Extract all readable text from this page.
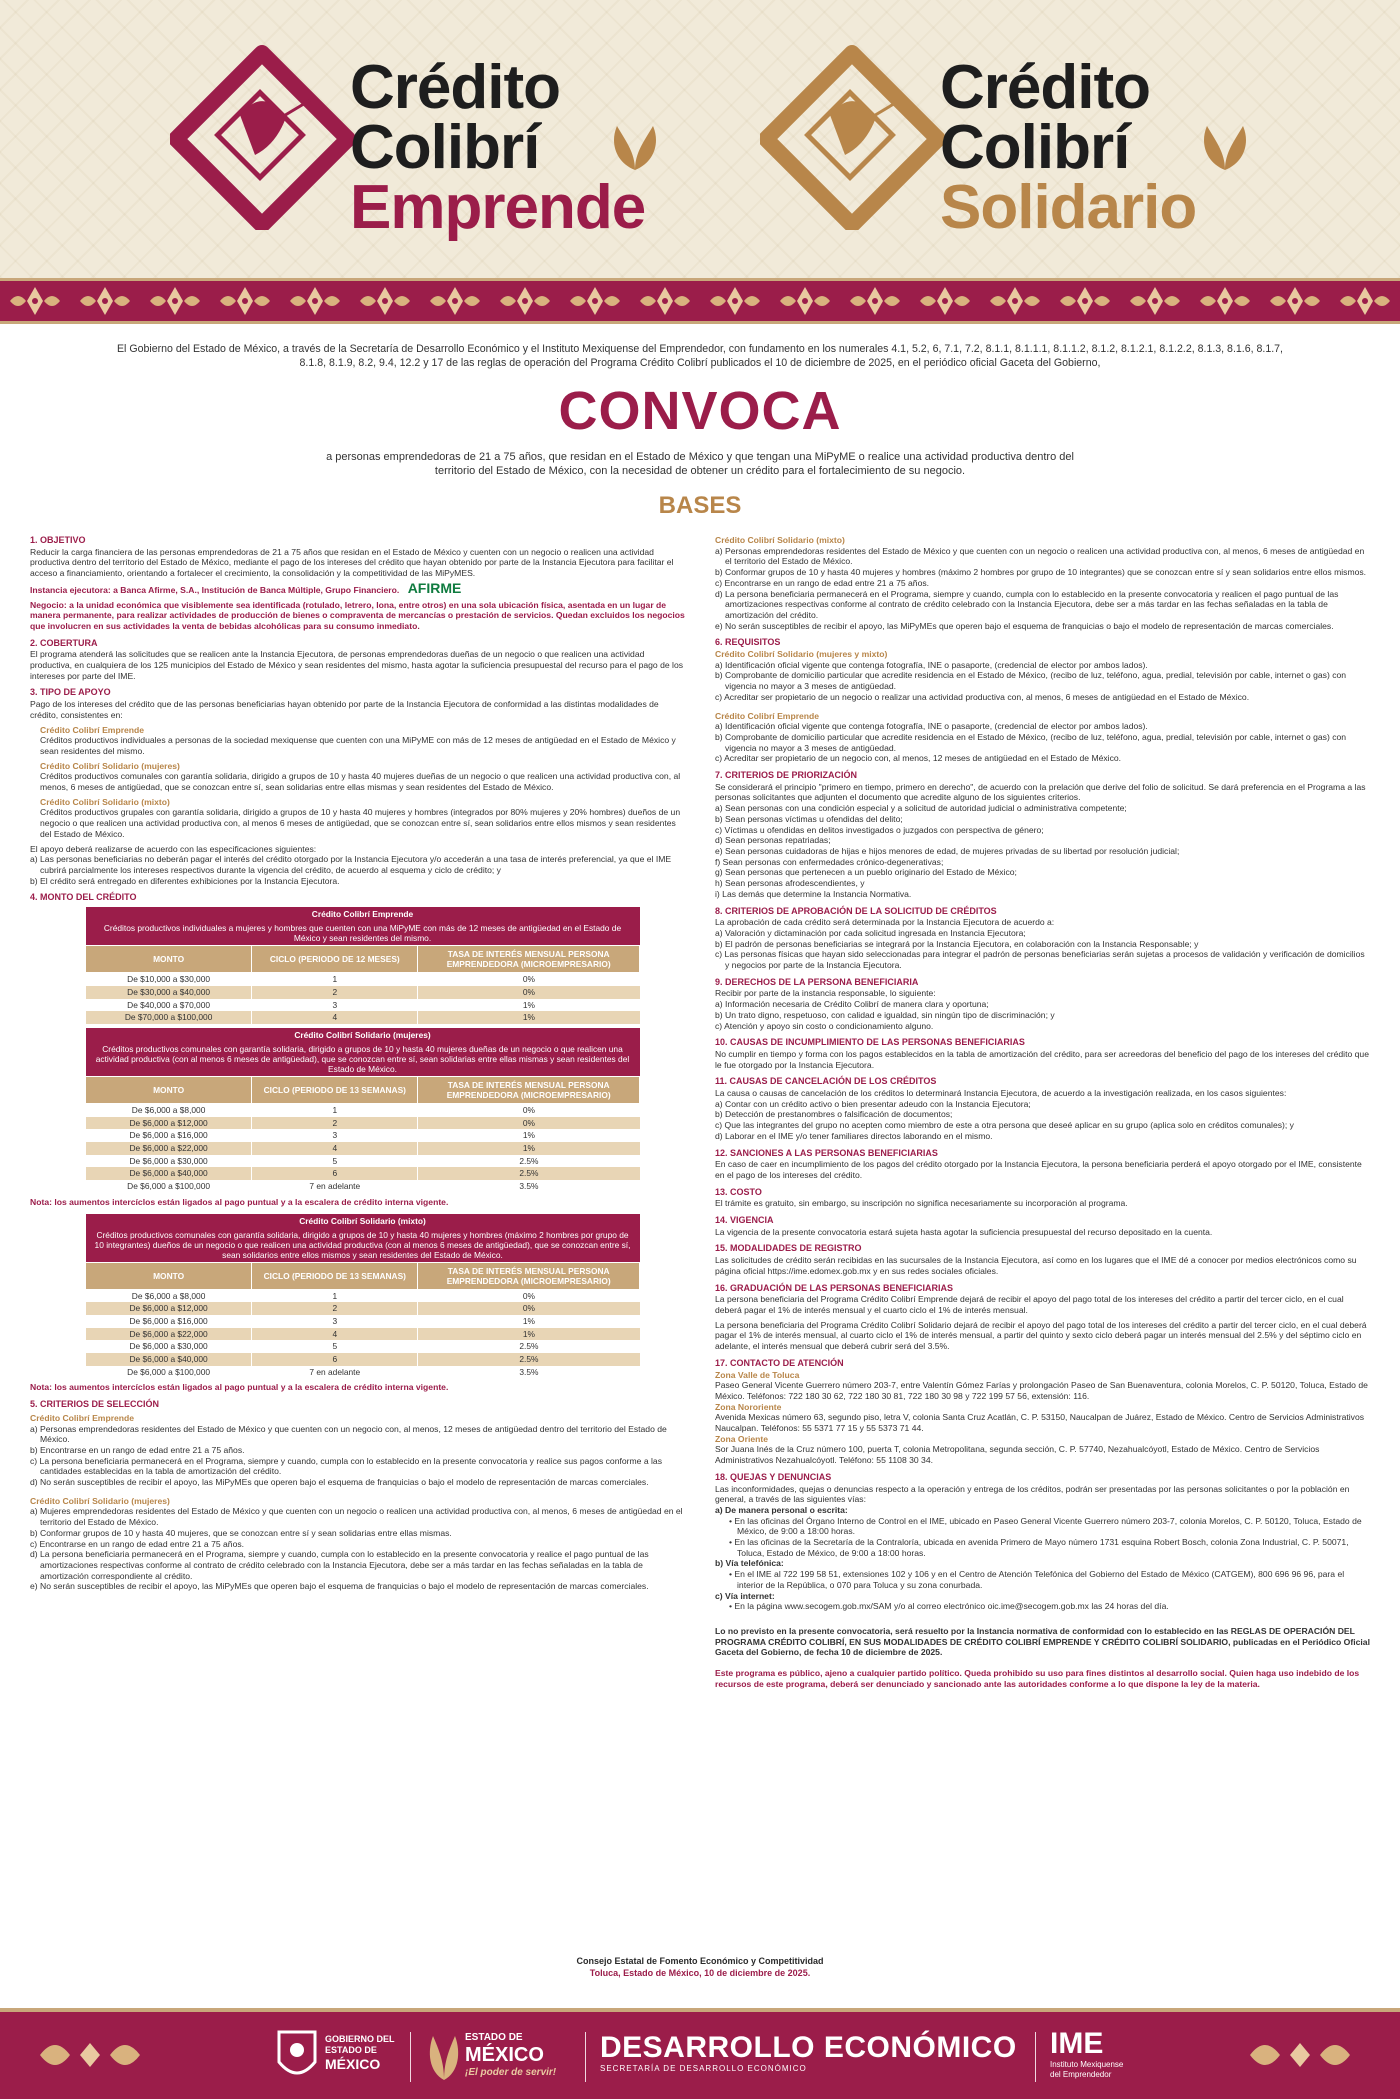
Crédito
Colibrí
Emprende
Crédito
Colibrí
Solidario
El Gobierno del Estado de México, a través de la Secretaría de Desarrollo Económico y el Instituto Mexiquense del Emprendedor, con fundamento en los numerales 4.1, 5.2, 6, 7.1, 7.2, 8.1.1, 8.1.1.1, 8.1.1.2, 8.1.2, 8.1.2.1, 8.1.2.2, 8.1.3, 8.1.6, 8.1.7, 8.1.8, 8.1.9, 8.2, 9.4, 12.2 y 17 de las reglas de operación del Programa Crédito Colibrí publicados el 10 de diciembre de 2025, en el periódico oficial Gaceta del Gobierno,
CONVOCA
a personas emprendedoras de 21 a 75 años, que residan en el Estado de México y que tengan una MiPyME o realice una actividad productiva dentro del territorio del Estado de México, con la necesidad de obtener un crédito para el fortalecimiento de su negocio.
BASES
1. OBJETIVO
Reducir la carga financiera de las personas emprendedoras de 21 a 75 años que residan en el Estado de México y cuenten con un negocio o realicen una actividad productiva dentro del territorio del Estado de México, mediante el pago de los intereses del crédito que hayan obtenido por parte de la Instancia Ejecutora para facilitar el acceso a financiamiento, orientando a fortalecer el crecimiento, la consolidación y la competitividad de las MiPyMES.
Instancia ejecutora: a Banca Afirme, S.A., Institución de Banca Múltiple, Grupo Financiero. AFIRME
Negocio: a la unidad económica que visiblemente sea identificada (rotulado, letrero, lona, entre otros) en una sola ubicación física, asentada en un lugar de manera permanente, para realizar actividades de producción de bienes o compraventa de mercancías o prestación de servicios. Quedan excluidos los negocios que involucren en sus actividades la venta de bebidas alcohólicas para su consumo inmediato.
2. COBERTURA
El programa atenderá las solicitudes que se realicen ante la Instancia Ejecutora, de personas emprendedoras dueñas de un negocio o que realicen una actividad productiva, en cualquiera de los 125 municipios del Estado de México y sean residentes del mismo, hasta agotar la suficiencia presupuestal del recurso para el pago de los intereses por parte del IME.
3. TIPO DE APOYO
Pago de los intereses del crédito que de las personas beneficiarias hayan obtenido por parte de la Instancia Ejecutora de conformidad a las distintas modalidades de crédito, consistentes en:
Crédito Colibrí Emprende
Créditos productivos individuales a personas de la sociedad mexiquense que cuenten con una MiPyME con más de 12 meses de antigüedad en el Estado de México y sean residentes del mismo.
Crédito Colibrí Solidario (mujeres)
Créditos productivos comunales con garantía solidaria, dirigido a grupos de 10 y hasta 40 mujeres dueñas de un negocio o que realicen una actividad productiva con, al menos, 6 meses de antigüedad, que se conozcan entre sí, sean solidarias entre ellas mismas y sean residentes del Estado de México.
Crédito Colibrí Solidario (mixto)
Créditos productivos grupales con garantía solidaria, dirigido a grupos de 10 y hasta 40 mujeres y hombres (integrados por 80% mujeres y 20% hombres) dueños de un negocio o que realicen una actividad productiva con, al menos 6 meses de antigüedad, que se conozcan entre sí, sean solidarios entre ellos mismos y sean residentes del Estado de México.
El apoyo deberá realizarse de acuerdo con las especificaciones siguientes:
a) Las personas beneficiarias no deberán pagar el interés del crédito otorgado por la Instancia Ejecutora y/o accederán a una tasa de interés preferencial, ya que el IME cubrirá parcialmente los intereses respectivos durante la vigencia del crédito, de acuerdo al esquema y ciclo de crédito; y
b) El crédito será entregado en diferentes exhibiciones por la Instancia Ejecutora.
4. MONTO DEL CRÉDITO
Crédito Colibrí Emprende		
Créditos productivos individuales a mujeres y hombres que cuenten con una MiPyME con más de 12 meses de antigüedad en el Estado de México y sean residentes del mismo.		
MONTO	CICLO (PERIODO DE 12 MESES)	TASA DE INTERÉS MENSUAL PERSONA EMPRENDEDORA (MICROEMPRESARIO)
De $10,000 a $30,000	1	0%
De $30,000 a $40,000	2	0%
De $40,000 a $70,000	3	1%
De $70,000 a $100,000	4	1%
Crédito Colibrí Solidario (mujeres)		
Créditos productivos comunales con garantía solidaria, dirigido a grupos de 10 y hasta 40 mujeres dueñas de un negocio o que realicen una actividad productiva (con al menos 6 meses de antigüedad), que se conozcan entre sí, sean solidarias entre ellas mismas y sean residentes del Estado de México.		
MONTO	CICLO (PERIODO DE 13 SEMANAS)	TASA DE INTERÉS MENSUAL PERSONA EMPRENDEDORA (MICROEMPRESARIO)
De $6,000 a $8,000	1	0%
De $6,000 a $12,000	2	0%
De $6,000 a $16,000	3	1%
De $6,000 a $22,000	4	1%
De $6,000 a $30,000	5	2.5%
De $6,000 a $40,000	6	2.5%
De $6,000 a $100,000	7 en adelante	3.5%
Nota: los aumentos intercíclos están ligados al pago puntual y a la escalera de crédito interna vigente.
Crédito Colibrí Solidario (mixto)		
Créditos productivos comunales con garantía solidaria, dirigido a grupos de 10 y hasta 40 mujeres y hombres (máximo 2 hombres por grupo de 10 integrantes) dueños de un negocio o que realicen una actividad productiva (con al menos 6 meses de antigüedad), que se conozcan entre sí, sean solidarios entre ellos mismos y sean residentes del Estado de México.		
MONTO	CICLO (PERIODO DE 13 SEMANAS)	TASA DE INTERÉS MENSUAL PERSONA EMPRENDEDORA (MICROEMPRESARIO)
De $6,000 a $8,000	1	0%
De $6,000 a $12,000	2	0%
De $6,000 a $16,000	3	1%
De $6,000 a $22,000	4	1%
De $6,000 a $30,000	5	2.5%
De $6,000 a $40,000	6	2.5%
De $6,000 a $100,000	7 en adelante	3.5%
Nota: los aumentos intercíclos están ligados al pago puntual y a la escalera de crédito interna vigente.
5. CRITERIOS DE SELECCIÓN
Crédito Colibrí Emprende
a) Personas emprendedoras residentes del Estado de México y que cuenten con un negocio con, al menos, 12 meses de antigüedad dentro del territorio del Estado de México.
b) Encontrarse en un rango de edad entre 21 a 75 años.
c) La persona beneficiaria permanecerá en el Programa, siempre y cuando, cumpla con lo establecido en la presente convocatoria y realice sus pagos conforme a las cantidades establecidas en la tabla de amortización del crédito.
d) No serán susceptibles de recibir el apoyo, las MiPyMEs que operen bajo el esquema de franquicias o bajo el modelo de representación de marcas comerciales.
Crédito Colibrí Solidario (mujeres)
a) Mujeres emprendedoras residentes del Estado de México y que cuenten con un negocio o realicen una actividad productiva con, al menos, 6 meses de antigüedad en el territorio del Estado de México.
b) Conformar grupos de 10 y hasta 40 mujeres, que se conozcan entre sí y sean solidarias entre ellas mismas.
c) Encontrarse en un rango de edad entre 21 a 75 años.
d) La persona beneficiaria permanecerá en el Programa, siempre y cuando, cumpla con lo establecido en la presente convocatoria y realice el pago puntual de las amortizaciones respectivas conforme al contrato de crédito celebrado con la Instancia Ejecutora, debe ser a más tardar en las fechas señaladas en la tabla de amortización correspondiente al crédito.
e) No serán susceptibles de recibir el apoyo, las MiPyMEs que operen bajo el esquema de franquicias o bajo el modelo de representación de marcas comerciales.
Crédito Colibrí Solidario (mixto)
a) Personas emprendedoras residentes del Estado de México y que cuenten con un negocio o realicen una actividad productiva con, al menos, 6 meses de antigüedad en el territorio del Estado de México.
b) Conformar grupos de 10 y hasta 40 mujeres y hombres (máximo 2 hombres por grupo de 10 integrantes) que se conozcan entre sí y sean solidarios entre ellos mismos.
c) Encontrarse en un rango de edad entre 21 a 75 años.
d) La persona beneficiaria permanecerá en el Programa, siempre y cuando, cumpla con lo establecido en la presente convocatoria y realicen el pago puntual de las amortizaciones respectivas conforme al contrato de crédito celebrado con la Instancia Ejecutora, debe ser a más tardar en las fechas señaladas en la tabla de amortización del crédito.
e) No serán susceptibles de recibir el apoyo, las MiPyMEs que operen bajo el esquema de franquicias o bajo el modelo de representación de marcas comerciales.
6. REQUISITOS
Crédito Colibrí Solidario (mujeres y mixto)
a) Identificación oficial vigente que contenga fotografía, INE o pasaporte, (credencial de elector por ambos lados).
b) Comprobante de domicilio particular que acredite residencia en el Estado de México, (recibo de luz, teléfono, agua, predial, televisión por cable, internet o gas) con vigencia no mayor a 3 meses de antigüedad.
c) Acreditar ser propietario de un negocio o realizar una actividad productiva con, al menos, 6 meses de antigüedad en el Estado de México.
Crédito Colibrí Emprende
a) Identificación oficial vigente que contenga fotografía, INE o pasaporte, (credencial de elector por ambos lados).
b) Comprobante de domicilio particular que acredite residencia en el Estado de México, (recibo de luz, teléfono, agua, predial, televisión por cable, internet o gas) con vigencia no mayor a 3 meses de antigüedad.
c) Acreditar ser propietario de un negocio con, al menos, 12 meses de antigüedad en el Estado de México.
7. CRITERIOS DE PRIORIZACIÓN
Se considerará el principio "primero en tiempo, primero en derecho", de acuerdo con la prelación que derive del folio de solicitud. Se dará preferencia en el Programa a las personas solicitantes que adjunten el documento que acredite alguno de los siguientes criterios.
a) Sean personas con una condición especial y a solicitud de autoridad judicial o administrativa competente;
b) Sean personas víctimas u ofendidas del delito;
c) Víctimas u ofendidas en delitos investigados o juzgados con perspectiva de género;
d) Sean personas repatriadas;
e) Sean personas cuidadoras de hijas e hijos menores de edad, de mujeres privadas de su libertad por resolución judicial;
f) Sean personas con enfermedades crónico-degenerativas;
g) Sean personas que pertenecen a un pueblo originario del Estado de México;
h) Sean personas afrodescendientes, y
i) Las demás que determine la Instancia Normativa.
8. CRITERIOS DE APROBACIÓN DE LA SOLICITUD DE CRÉDITOS
La aprobación de cada crédito será determinada por la Instancia Ejecutora de acuerdo a:
a) Valoración y dictaminación por cada solicitud ingresada en Instancia Ejecutora;
b) El padrón de personas beneficiarias se integrará por la Instancia Ejecutora, en colaboración con la Instancia Responsable; y
c) Las personas físicas que hayan sido seleccionadas para integrar el padrón de personas beneficiarias serán sujetas a procesos de validación y verificación de domicilios y negocios por parte de la Instancia Ejecutora.
9. DERECHOS DE LA PERSONA BENEFICIARIA
Recibir por parte de la instancia responsable, lo siguiente:
a) Información necesaria de Crédito Colibrí de manera clara y oportuna;
b) Un trato digno, respetuoso, con calidad e igualdad, sin ningún tipo de discriminación; y
c) Atención y apoyo sin costo o condicionamiento alguno.
10. CAUSAS DE INCUMPLIMIENTO DE LAS PERSONAS BENEFICIARIAS
No cumplir en tiempo y forma con los pagos establecidos en la tabla de amortización del crédito, para ser acreedoras del beneficio del pago de los intereses del crédito que le fue otorgado por la Instancia Ejecutora.
11. CAUSAS DE CANCELACIÓN DE LOS CRÉDITOS
La causa o causas de cancelación de los créditos lo determinará Instancia Ejecutora, de acuerdo a la investigación realizada, en los casos siguientes:
a) Contar con un crédito activo o bien presentar adeudo con la Instancia Ejecutora;
b) Detección de prestanombres o falsificación de documentos;
c) Que las integrantes del grupo no acepten como miembro de este a otra persona que deseé aplicar en su grupo (aplica solo en créditos comunales); y
d) Laborar en el IME y/o tener familiares directos laborando en el mismo.
12. SANCIONES A LAS PERSONAS BENEFICIARIAS
En caso de caer en incumplimiento de los pagos del crédito otorgado por la Instancia Ejecutora, la persona beneficiaria perderá el apoyo otorgado por el IME, consistente en el pago de los intereses del crédito.
13. COSTO
El trámite es gratuito, sin embargo, su inscripción no significa necesariamente su incorporación al programa.
14. VIGENCIA
La vigencia de la presente convocatoria estará sujeta hasta agotar la suficiencia presupuestal del recurso depositado en la cuenta.
15. MODALIDADES DE REGISTRO
Las solicitudes de crédito serán recibidas en las sucursales de la Instancia Ejecutora, así como en los lugares que el IME dé a conocer por medios electrónicos como su página oficial https://ime.edomex.gob.mx y en sus redes sociales oficiales.
16. GRADUACIÓN DE LAS PERSONAS BENEFICIARIAS
La persona beneficiaria del Programa Crédito Colibrí Emprende dejará de recibir el apoyo del pago total de los intereses del crédito a partir del tercer ciclo, en el cual deberá pagar el 1% de interés mensual y el cuarto ciclo el 1% de interés mensual.
La persona beneficiaria del Programa Crédito Colibrí Solidario dejará de recibir el apoyo del pago total de los intereses del crédito a partir del tercer ciclo, en el cual deberá pagar el 1% de interés mensual, al cuarto ciclo el 1% de interés mensual, a partir del quinto y sexto ciclo deberá pagar un interés mensual del 2.5% y del séptimo ciclo en adelante, el interés mensual que deberá cubrir será del 3.5%.
17. CONTACTO DE ATENCIÓN
Zona Valle de Toluca
Paseo General Vicente Guerrero número 203-7, entre Valentín Gómez Farías y prolongación Paseo de San Buenaventura, colonia Morelos, C. P. 50120, Toluca, Estado de México. Teléfonos: 722 180 30 62, 722 180 30 81, 722 180 30 98 y 722 199 57 56, extensión: 116.
Zona Nororiente
Avenida Mexicas número 63, segundo piso, letra V, colonia Santa Cruz Acatlán, C. P. 53150, Naucalpan de Juárez, Estado de México. Centro de Servicios Administrativos Naucalpan. Teléfonos: 55 5371 77 15 y 55 5373 71 44.
Zona Oriente
Sor Juana Inés de la Cruz número 100, puerta T, colonia Metropolitana, segunda sección, C. P. 57740, Nezahualcóyotl, Estado de México. Centro de Servicios Administrativos Nezahualcóyotl. Teléfono: 55 1108 30 34.
18. QUEJAS Y DENUNCIAS
Las inconformidades, quejas o denuncias respecto a la operación y entrega de los créditos, podrán ser presentadas por las personas solicitantes o por la población en general, a través de las siguientes vías:
a) De manera personal o escrita:
• En las oficinas del Órgano Interno de Control en el IME, ubicado en Paseo General Vicente Guerrero número 203-7, colonia Morelos, C. P. 50120, Toluca, Estado de México, de 9:00 a 18:00 horas.
• En las oficinas de la Secretaría de la Contraloría, ubicada en avenida Primero de Mayo número 1731 esquina Robert Bosch, colonia Zona Industrial, C. P. 50071, Toluca, Estado de México, de 9:00 a 18:00 horas.
b) Vía telefónica:
• En el IME al 722 199 58 51, extensiones 102 y 106 y en el Centro de Atención Telefónica del Gobierno del Estado de México (CATGEM), 800 696 96 96, para el interior de la República, o 070 para Toluca y su zona conurbada.
c) Vía internet:
• En la página www.secogem.gob.mx/SAM y/o al correo electrónico oic.ime@secogem.gob.mx las 24 horas del día.
Lo no previsto en la presente convocatoria, será resuelto por la Instancia normativa de conformidad con lo establecido en las REGLAS DE OPERACIÓN DEL PROGRAMA CRÉDITO COLIBRÍ, EN SUS MODALIDADES DE CRÉDITO COLIBRÍ EMPRENDE Y CRÉDITO COLIBRÍ SOLIDARIO, publicadas en el Periódico Oficial Gaceta del Gobierno, de fecha 10 de diciembre de 2025.
Este programa es público, ajeno a cualquier partido político. Queda prohibido su uso para fines distintos al desarrollo social. Quien haga uso indebido de los recursos de este programa, deberá ser denunciado y sancionado ante las autoridades conforme a lo que dispone la ley de la materia.
Consejo Estatal de Fomento Económico y Competitividad
Toluca, Estado de México, 10 de diciembre de 2025.
GOBIERNO DEL
ESTADO DE
MÉXICO
ESTADO DE
MÉXICO
¡El poder de servir!
DESARROLLO ECONÓMICO
SECRETARÍA DE DESARROLLO ECONÓMICO
IME
Instituto Mexiquense
del Emprendedor
